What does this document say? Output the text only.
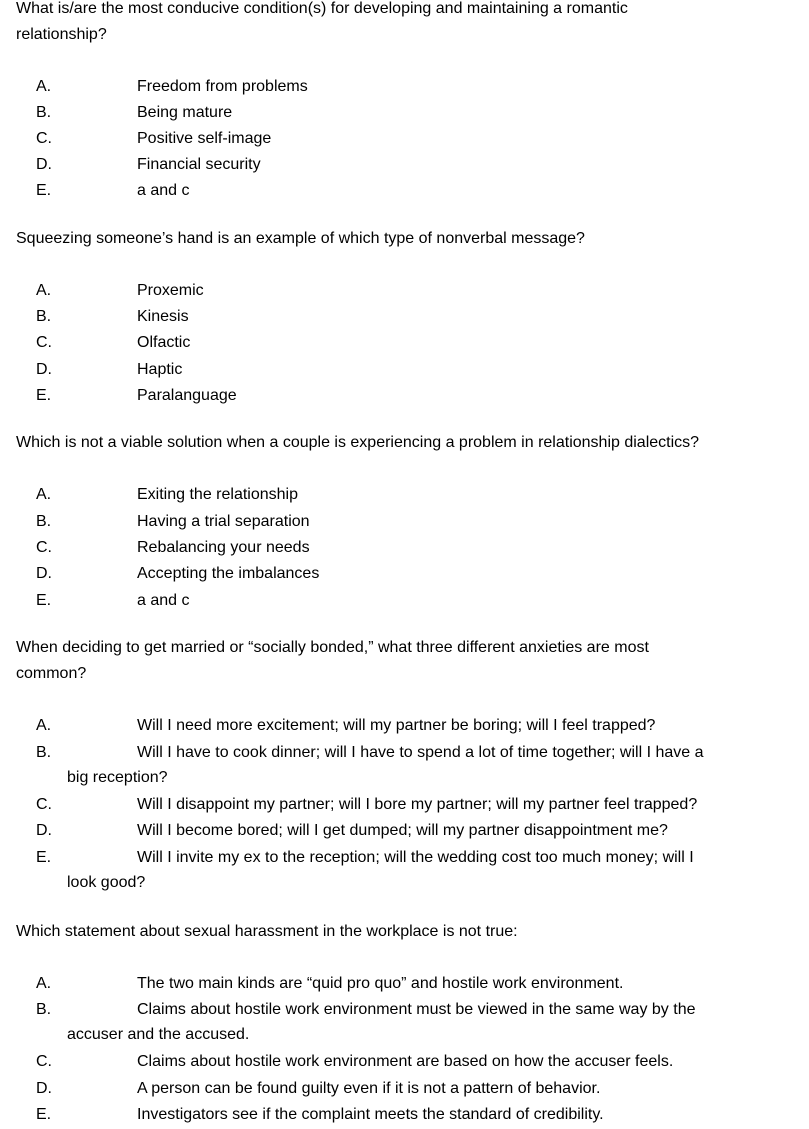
What is/are the most conducive condition(s) for developing and maintaining a romantic relationship?

A.	Freedom from problems
B.	Being mature
C.	Positive self-image
D.	Financial security
E.	a and c

Squeezing someone’s hand is an example of which type of nonverbal message?

A.	Proxemic
B.	Kinesis
C.	Olfactic
D.	Haptic
E.	Paralanguage

Which is not a viable solution when a couple is experiencing a problem in relationship dialectics?

A.	Exiting the relationship
B.	Having a trial separation
C.	Rebalancing your needs
D.	Accepting the imbalances
E.	a and c

When deciding to get married or “socially bonded,” what three different anxieties are most common?

A.	Will I need more excitement; will my partner be boring; will I feel trapped?
B.	Will I have to cook dinner; will I have to spend a lot of time together; will I have a
big reception?
C.	Will I disappoint my partner; will I bore my partner; will my partner feel trapped?
D.	Will I become bored; will I get dumped; will my partner disappointment me?
E.	Will I invite my ex to the reception; will the wedding cost too much money; will I
look good?

Which statement about sexual harassment in the workplace is not true:

A.	The two main kinds are “quid pro quo” and hostile work environment.
B.	Claims about hostile work environment must be viewed in the same way by the
accuser and the accused.
C.	Claims about hostile work environment are based on how the accuser feels.
D.	A person can be found guilty even if it is not a pattern of behavior.
E.	Investigators see if the complaint meets the standard of credibility.
